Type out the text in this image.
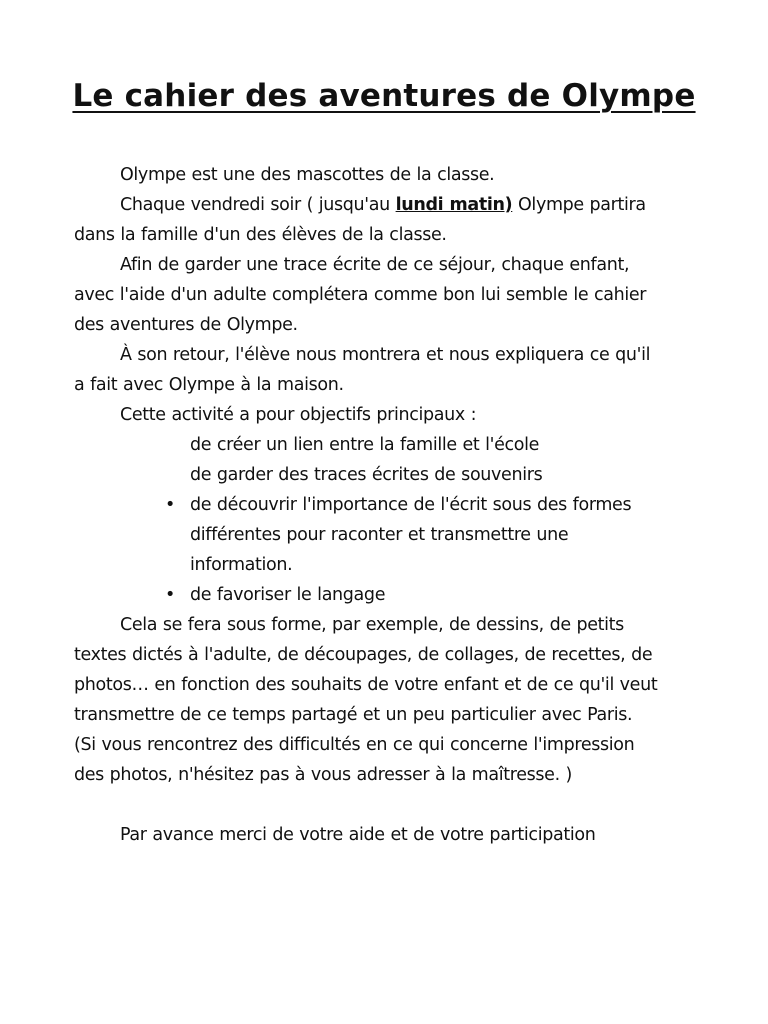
Le cahier des aventures de Olympe
Olympe est une des mascottes de la classe.
Chaque vendredi soir ( jusqu'au lundi matin) Olympe partira
dans la famille d'un des élèves de la classe.
Afin de garder une trace écrite de ce séjour, chaque enfant,
avec l'aide d'un adulte complétera comme bon lui semble le cahier
des aventures de Olympe.
À son retour, l'élève nous montrera et nous expliquera ce qu'il
a fait avec Olympe à la maison.
Cette activité a pour objectifs principaux :
de créer un lien entre la famille et l'école
de garder des traces écrites de souvenirs
• de découvrir l'importance de l'écrit sous des formes
différentes pour raconter et transmettre une
information.
• de favoriser le langage
Cela se fera sous forme, par exemple, de dessins, de petits
textes dictés à l'adulte, de découpages, de collages, de recettes, de
photos… en fonction des souhaits de votre enfant et de ce qu'il veut
transmettre de ce temps partagé et un peu particulier avec Paris.
(Si vous rencontrez des difficultés en ce qui concerne l'impression
des photos, n'hésitez pas à vous adresser à la maîtresse. )
Par avance merci de votre aide et de votre participation
